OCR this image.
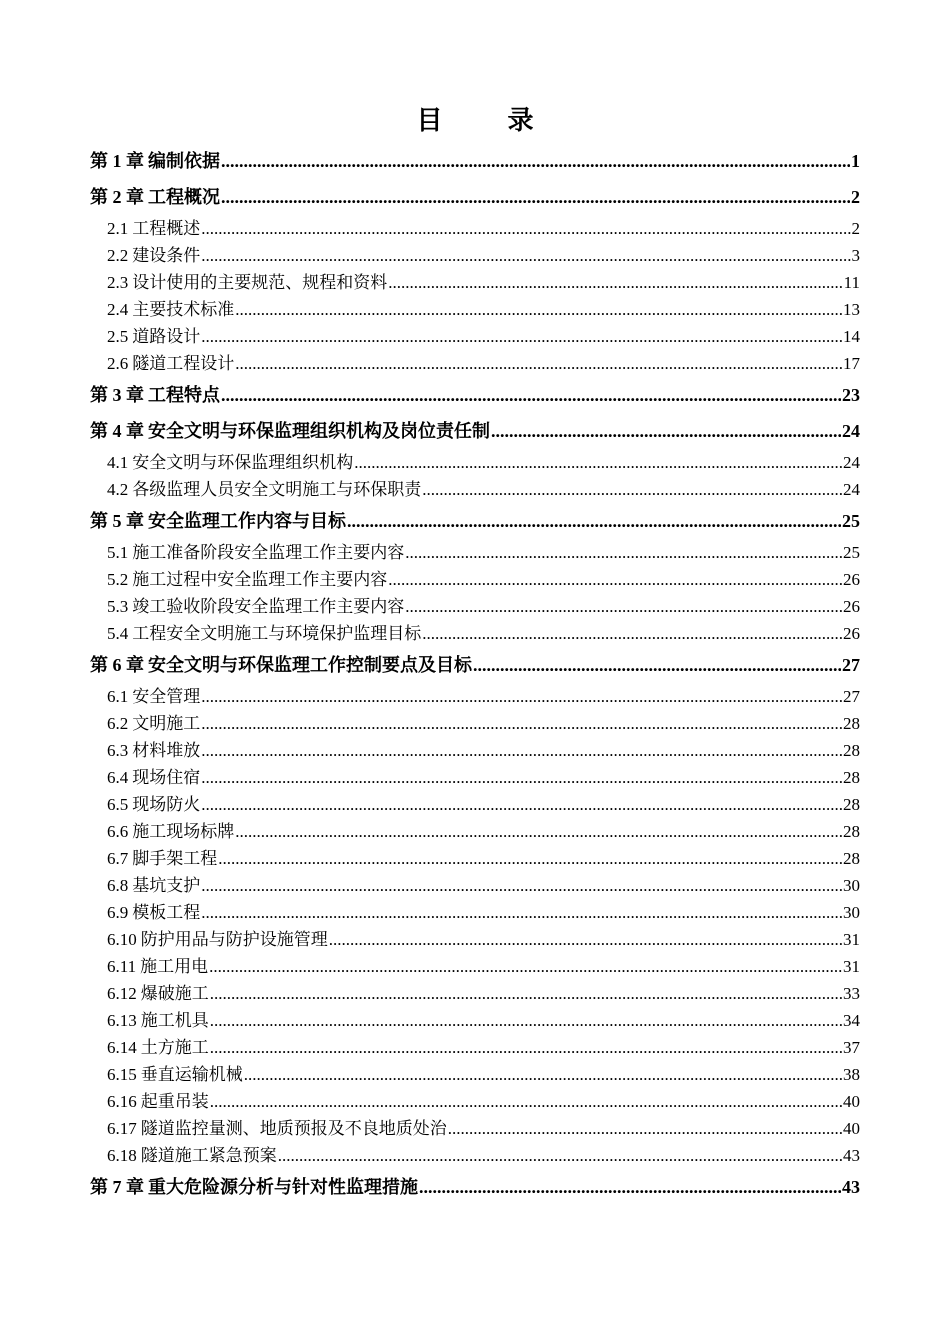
目 录
第 1 章 编制依据 .....	1
第 2 章 工程概况 .....	2
2.1 工程概述 .....	2
2.2 建设条件 .....	3
2.3 设计使用的主要规范、规程和资料 .....	11
2.4 主要技术标准 .....	13
2.5 道路设计 .....	14
2.6 隧道工程设计 .....	17
第 3 章 工程特点 .....	23
第 4 章 安全文明与环保监理组织机构及岗位责任制 .....	24
4.1 安全文明与环保监理组织机构 .....	24
4.2 各级监理人员安全文明施工与环保职责 .....	24
第 5 章 安全监理工作内容与目标 .....	25
5.1 施工准备阶段安全监理工作主要内容 .....	25
5.2 施工过程中安全监理工作主要内容 .....	26
5.3 竣工验收阶段安全监理工作主要内容 .....	26
5.4 工程安全文明施工与环境保护监理目标 .....	26
第 6 章 安全文明与环保监理工作控制要点及目标 .....	27
6.1 安全管理 .....	27
6.2 文明施工 .....	28
6.3 材料堆放 .....	28
6.4 现场住宿 .....	28
6.5 现场防火 .....	28
6.6 施工现场标牌 .....	28
6.7 脚手架工程 .....	28
6.8 基坑支护 .....	30
6.9 模板工程 .....	30
6.10 防护用品与防护设施管理 .....	31
6.11 施工用电 .....	31
6.12 爆破施工 .....	33
6.13 施工机具 .....	34
6.14 土方施工 .....	37
6.15 垂直运输机械 .....	38
6.16 起重吊装 .....	40
6.17 隧道监控量测、地质预报及不良地质处治 .....	40
6.18 隧道施工紧急预案 .....	43
第 7 章 重大危险源分析与针对性监理措施 .....	43
